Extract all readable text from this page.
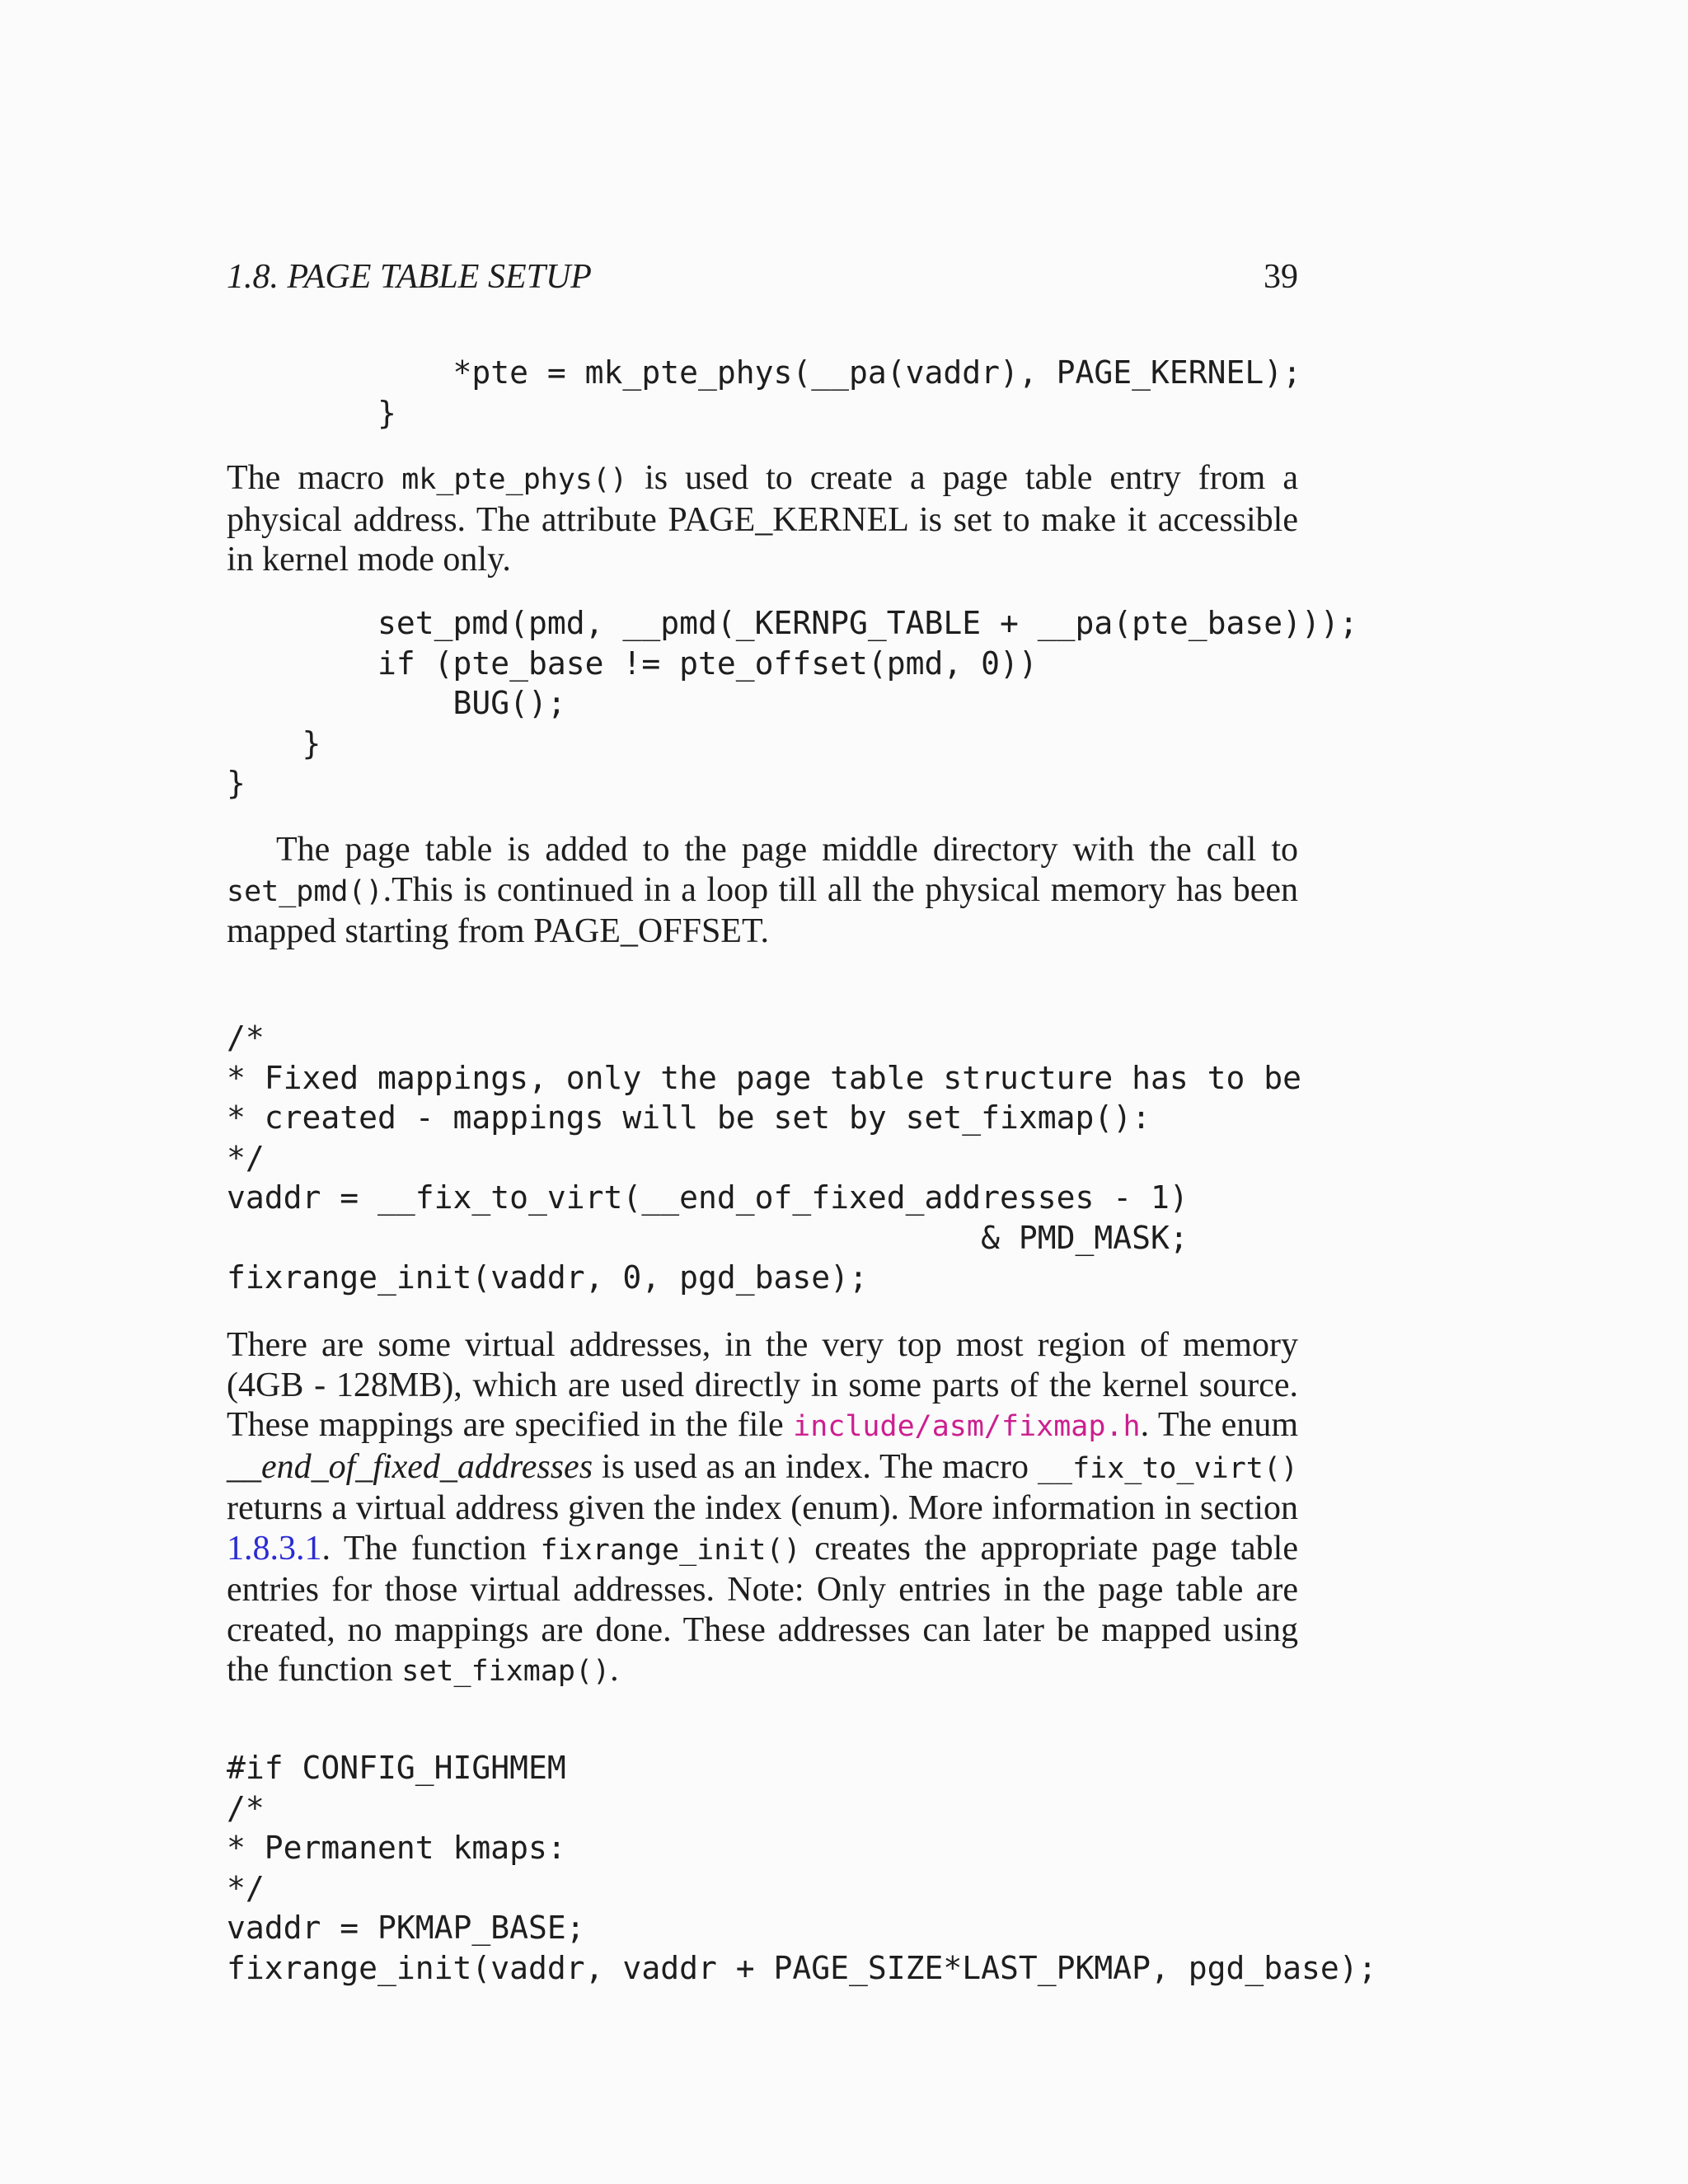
1.8. PAGE TABLE SETUP	39
*pte = mk_pte_phys(__pa(vaddr), PAGE_KERNEL);
}

The macro mk_pte_phys() is used to create a page table entry from a physical address. The attribute PAGE_KERNEL is set to make it accessible in kernel mode only.

set_pmd(pmd, __pmd(_KERNPG_TABLE + __pa(pte_base)));
if (pte_base != pte_offset(pmd, 0))
BUG();
}
}

The page table is added to the page middle directory with the call to set_pmd().This is continued in a loop till all the physical memory has been mapped starting from PAGE_OFFSET.

/*
* Fixed mappings, only the page table structure has to be
* created - mappings will be set by set_fixmap():
*/
vaddr = __fix_to_virt(__end_of_fixed_addresses - 1)
& PMD_MASK;
fixrange_init(vaddr, 0, pgd_base);

There are some virtual addresses, in the very top most region of memory (4GB - 128MB), which are used directly in some parts of the kernel source. These mappings are specified in the file include/asm/fixmap.h. The enum __end_of_fixed_addresses is used as an index. The macro __fix_to_virt() returns a virtual address given the index (enum). More information in section 1.8.3.1. The function fixrange_init() creates the appropriate page table entries for those virtual addresses. Note: Only entries in the page table are created, no mappings are done. These addresses can later be mapped using the function set_fixmap().

#if CONFIG_HIGHMEM
/*
* Permanent kmaps:
*/
vaddr = PKMAP_BASE;
fixrange_init(vaddr, vaddr + PAGE_SIZE*LAST_PKMAP, pgd_base);
